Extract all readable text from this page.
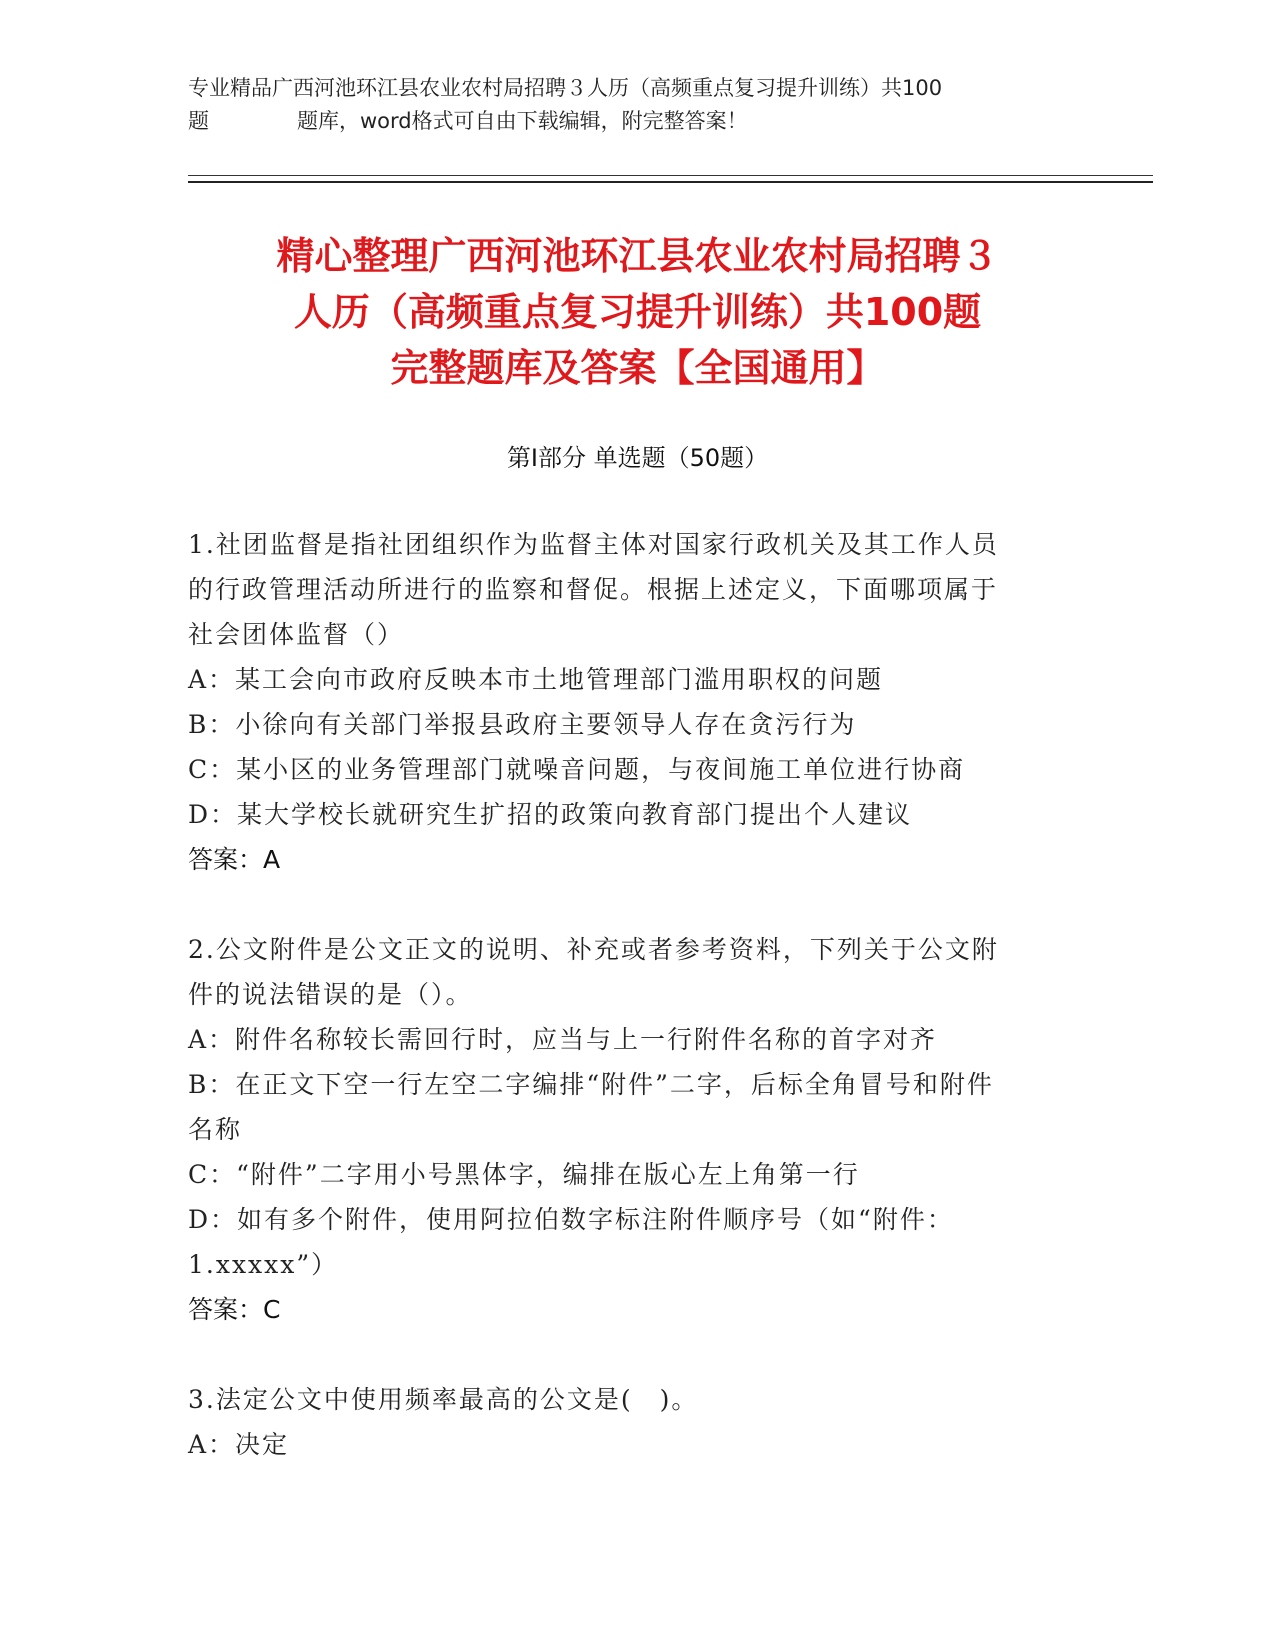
专业精品广西河池环江县农业农村局招聘３人历（高频重点复习提升训练）共100
题	题库，word格式可自由下载编辑，附完整答案！
精心整理广西河池环江县农业农村局招聘３
人历（高频重点复习提升训练）共100题
完整题库及答案【全国通用】
第Ⅰ部分 单选题（50题）
1.社团监督是指社团组织作为监督主体对国家行政机关及其工作人员
的行政管理活动所进行的监察和督促。根据上述定义，下面哪项属于
社会团体监督（）
A：某工会向市政府反映本市土地管理部门滥用职权的问题
B：小徐向有关部门举报县政府主要领导人存在贪污行为
C：某小区的业务管理部门就噪音问题，与夜间施工单位进行协商
D：某大学校长就研究生扩招的政策向教育部门提出个人建议
答案：A
2.公文附件是公文正文的说明、补充或者参考资料，下列关于公文附
件的说法错误的是（）。
A：附件名称较长需回行时，应当与上一行附件名称的首字对齐
B：在正文下空一行左空二字编排“附件”二字，后标全角冒号和附件
名称
C：“附件”二字用小号黑体字，编排在版心左上角第一行
D：如有多个附件，使用阿拉伯数字标注附件顺序号（如“附件：
1.xxxxx”）
答案：C
3.法定公文中使用频率最高的公文是(　)。
A：决定
